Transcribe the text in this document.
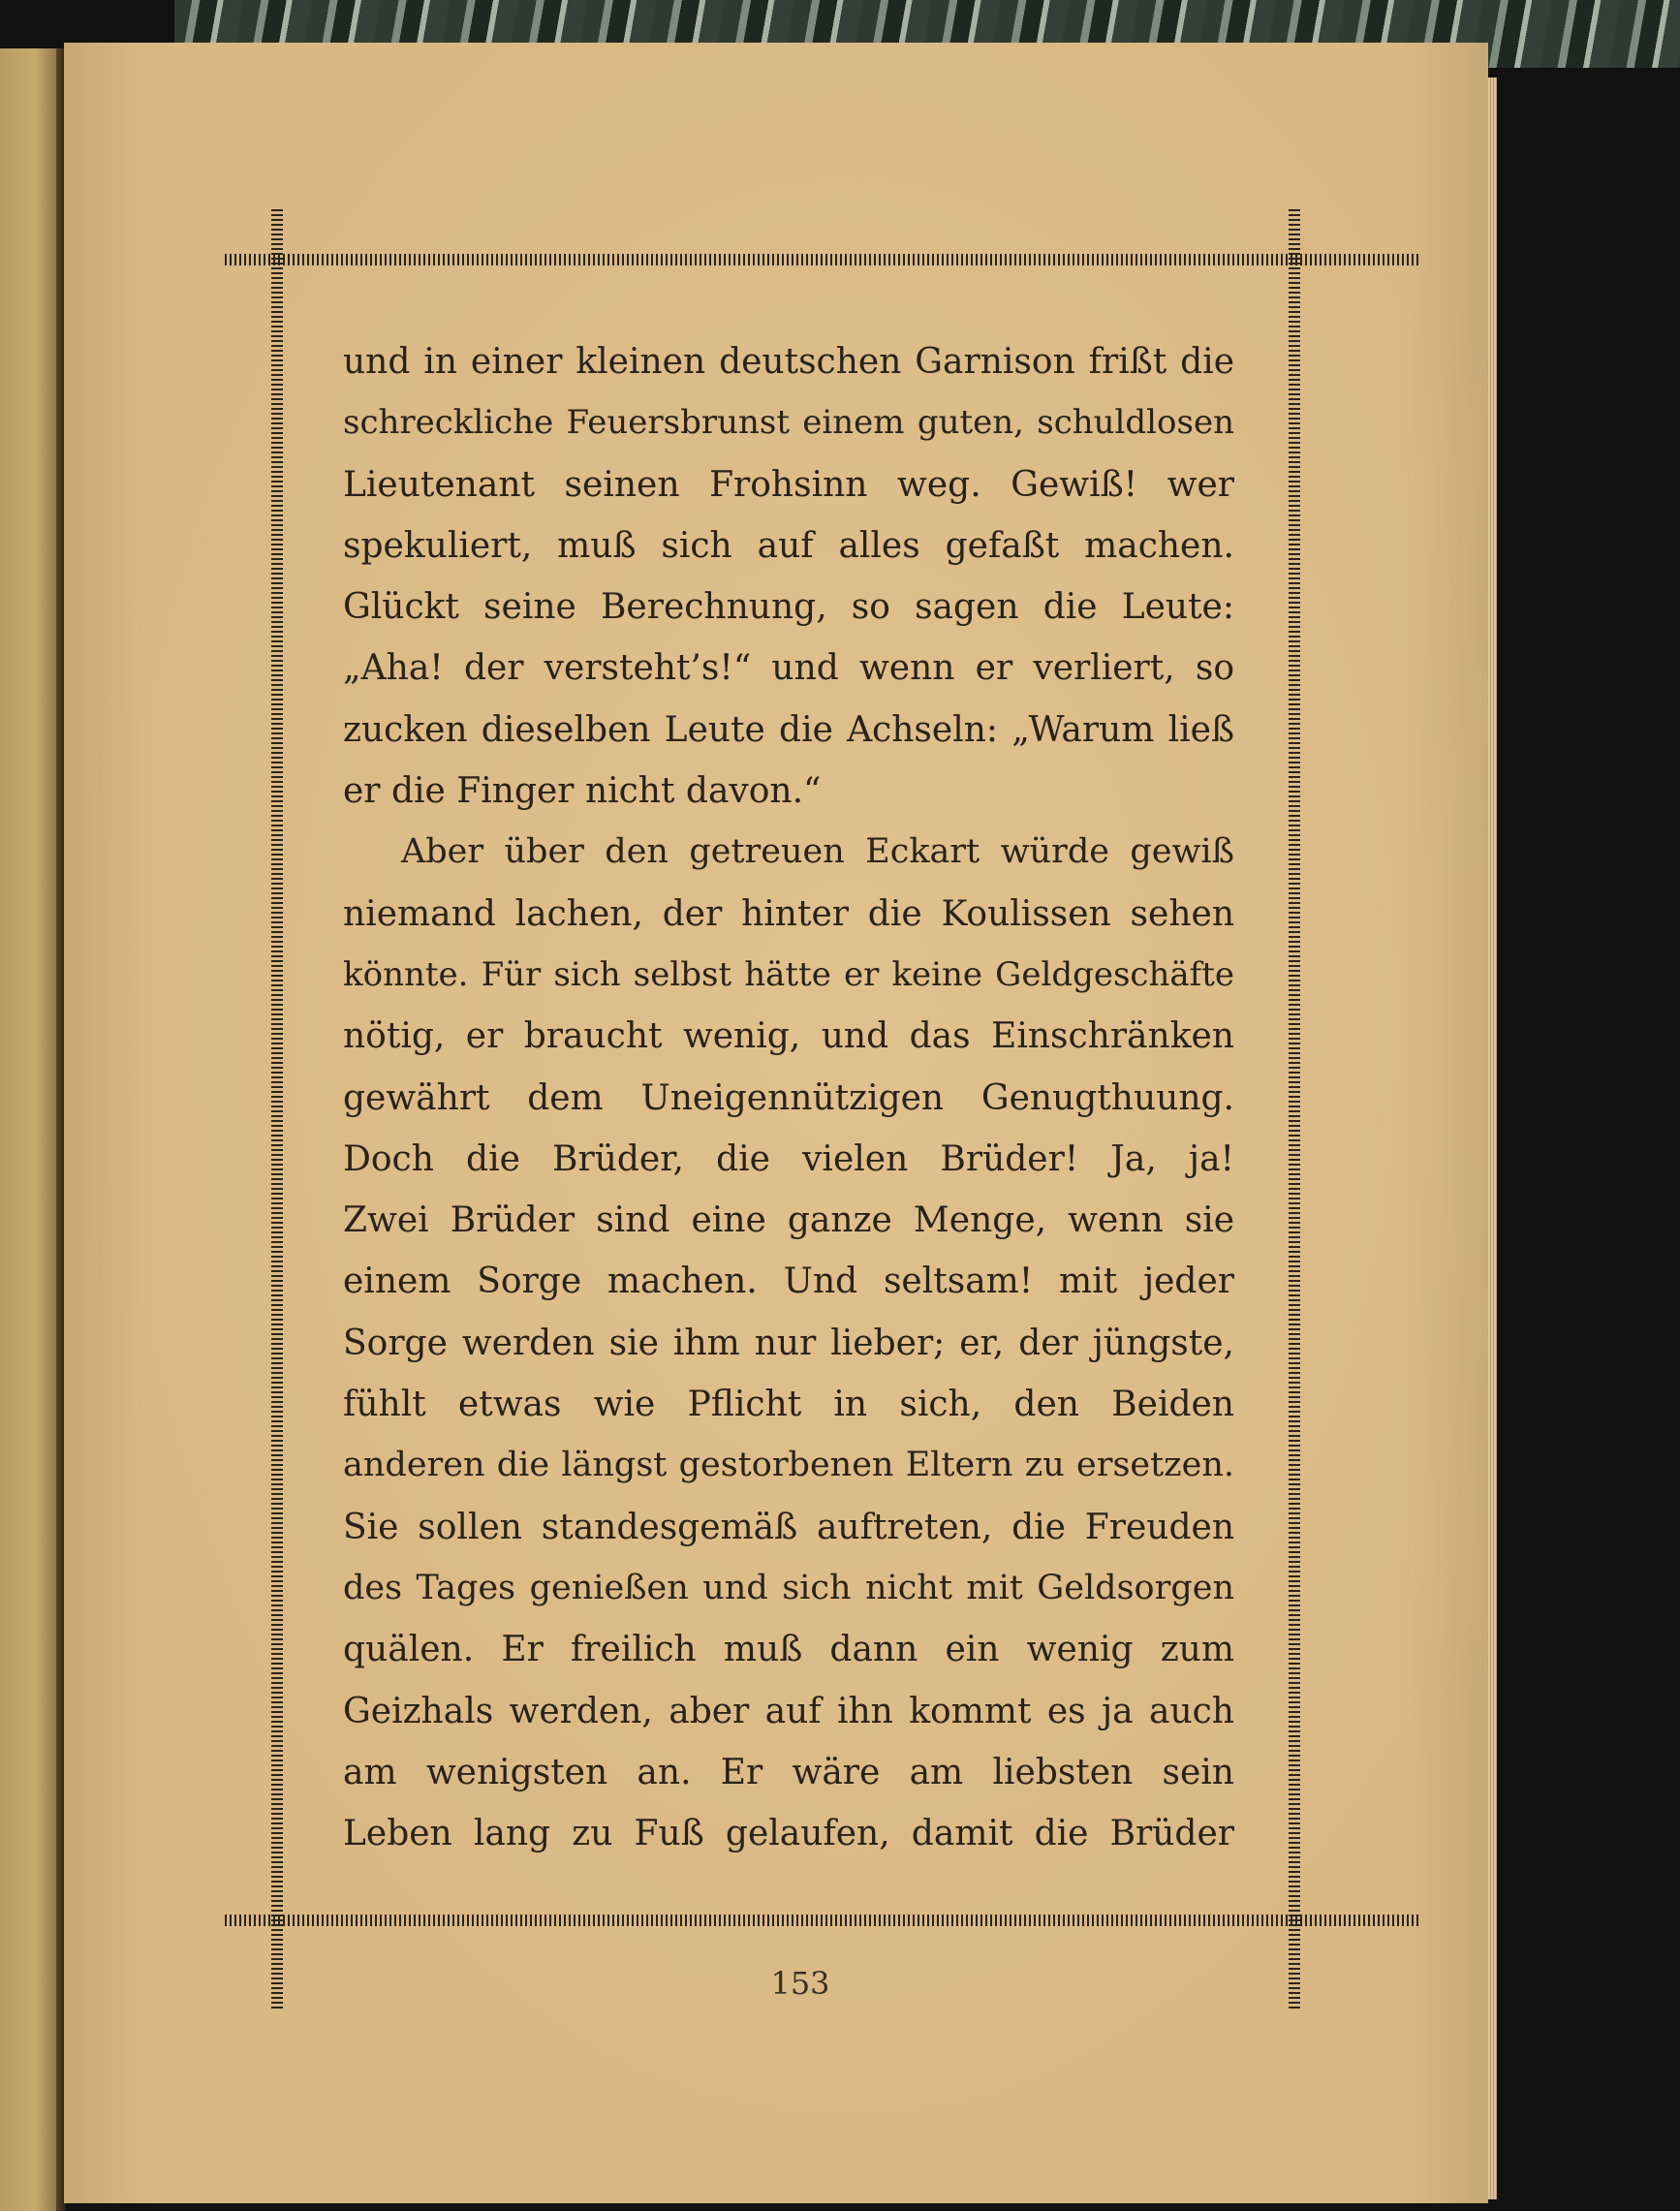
und in einer kleinen deutschen Garnison frißt die
schreckliche Feuersbrunst einem guten, schuldlosen
Lieutenant seinen Frohsinn weg. Gewiß! wer
spekuliert, muß sich auf alles gefaßt machen.
Glückt seine Berechnung, so sagen die Leute:
„Aha! der versteht’s!“ und wenn er verliert, so
zucken dieselben Leute die Achseln: „Warum ließ
er die Finger nicht davon.“
Aber über den getreuen Eckart würde gewiß
niemand lachen, der hinter die Koulissen sehen
könnte. Für sich selbst hätte er keine Geldgeschäfte
nötig, er braucht wenig, und das Einschränken
gewährt dem Uneigennützigen Genugthuung.
Doch die Brüder, die vielen Brüder! Ja, ja!
Zwei Brüder sind eine ganze Menge, wenn sie
einem Sorge machen. Und seltsam! mit jeder
Sorge werden sie ihm nur lieber; er, der jüngste,
fühlt etwas wie Pflicht in sich, den Beiden
anderen die längst gestorbenen Eltern zu ersetzen.
Sie sollen standesgemäß auftreten, die Freuden
des Tages genießen und sich nicht mit Geldsorgen
quälen. Er freilich muß dann ein wenig zum
Geizhals werden, aber auf ihn kommt es ja auch
am wenigsten an. Er wäre am liebsten sein
Leben lang zu Fuß gelaufen, damit die Brüder
153
